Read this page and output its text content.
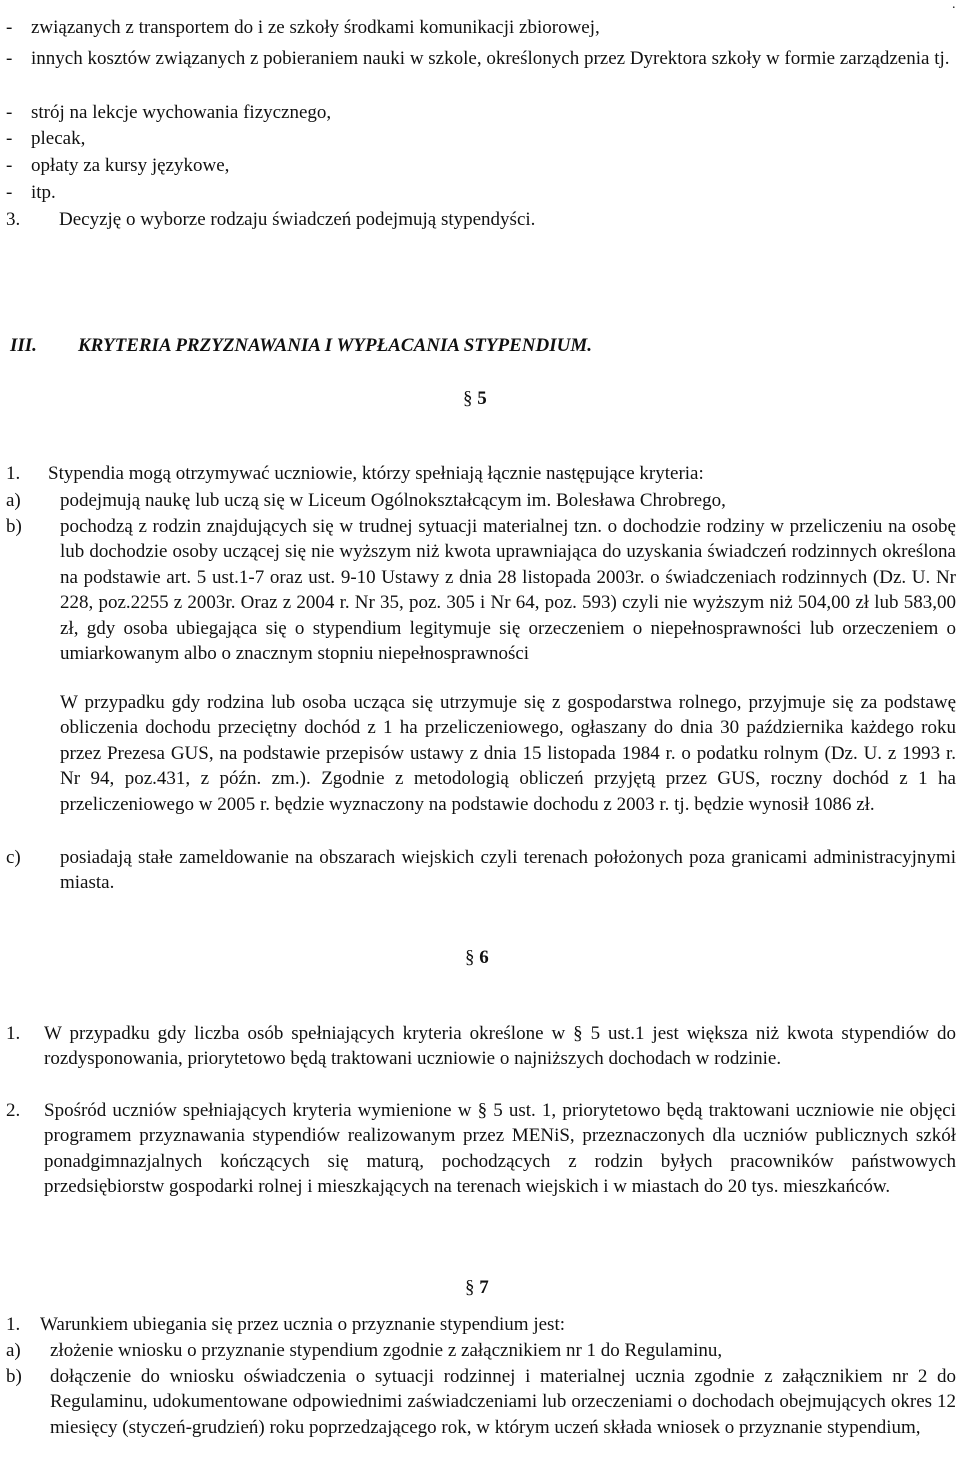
.
- związanych z transportem do i ze szkoły środkami komunikacji zbiorowej,
- innych kosztów związanych z pobieraniem nauki w szkole, określonych przez Dyrektora szkoły w formie zarządzenia tj.

- strój na lekcje wychowania fizycznego,
- plecak,
- opłaty za kursy językowe,
- itp.
3. Decyzję o wyborze rodzaju świadczeń podejmują stypendyści.
III. KRYTERIA PRZYZNAWANIA I WYPŁACANIA STYPENDIUM.
§ 5
1. Stypendia mogą otrzymywać uczniowie, którzy spełniają łącznie następujące kryteria:
a) podejmują naukę lub uczą się w Liceum Ogólnokształcącym im. Bolesława Chrobrego,
b) pochodzą z rodzin znajdujących się w trudnej sytuacji materialnej tzn. o dochodzie rodziny w przeliczeniu na osobę lub dochodzie osoby uczącej się nie wyższym niż kwota uprawniająca do uzyskania świadczeń rodzinnych określona na podstawie art. 5 ust.1-7 oraz ust. 9-10 Ustawy z dnia 28 listopada 2003r. o świadczeniach rodzinnych (Dz. U. Nr 228, poz.2255 z 2003r. Oraz z 2004 r. Nr 35, poz. 305 i Nr 64, poz. 593) czyli nie wyższym niż 504,00 zł lub 583,00 zł, gdy osoba ubiegająca się o stypendium legitymuje się orzeczeniem o niepełnosprawności lub orzeczeniem o umiarkowanym albo o znacznym stopniu niepełnosprawności

W przypadku gdy rodzina lub osoba ucząca się utrzymuje się z gospodarstwa rolnego, przyjmuje się za podstawę obliczenia dochodu przeciętny dochód z 1 ha przeliczeniowego, ogłaszany do dnia 30 października każdego roku przez Prezesa GUS, na podstawie przepisów ustawy z dnia 15 listopada 1984 r. o podatku rolnym (Dz. U. z 1993 r. Nr 94, poz.431, z późn. zm.). Zgodnie z metodologią obliczeń przyjętą przez GUS, roczny dochód z 1 ha przeliczeniowego w 2005 r. będzie wyznaczony na podstawie dochodu z 2003 r. tj. będzie wynosił 1086 zł.

c) posiadają stałe zameldowanie na obszarach wiejskich czyli terenach położonych poza granicami administracyjnymi miasta.

§ 6
1. W przypadku gdy liczba osób spełniających kryteria określone w § 5 ust.1 jest większa niż kwota stypendiów do rozdysponowania, priorytetowo będą traktowani uczniowie o najniższych dochodach w rodzinie.

2. Spośród uczniów spełniających kryteria wymienione w § 5 ust. 1, priorytetowo będą traktowani uczniowie nie objęci programem przyznawania stypendiów realizowanym przez MENiS, przeznaczonych dla uczniów publicznych szkół ponadgimnazjalnych kończących się maturą, pochodzących z rodzin byłych pracowników państwowych przedsiębiorstw gospodarki rolnej i mieszkających na terenach wiejskich i w miastach do 20 tys. mieszkańców.

§ 7
1. Warunkiem ubiegania się przez ucznia o przyznanie stypendium jest:
a) złożenie wniosku o przyznanie stypendium zgodnie z załącznikiem nr 1 do Regulaminu,
b) dołączenie do wniosku oświadczenia o sytuacji rodzinnej i materialnej ucznia zgodnie z załącznikiem nr 2 do Regulaminu, udokumentowane odpowiednimi zaświadczeniami lub orzeczeniami o dochodach obejmujących okres 12 miesięcy (styczeń-grudzień) roku poprzedzającego rok, w którym uczeń składa wniosek o przyznanie stypendium,
